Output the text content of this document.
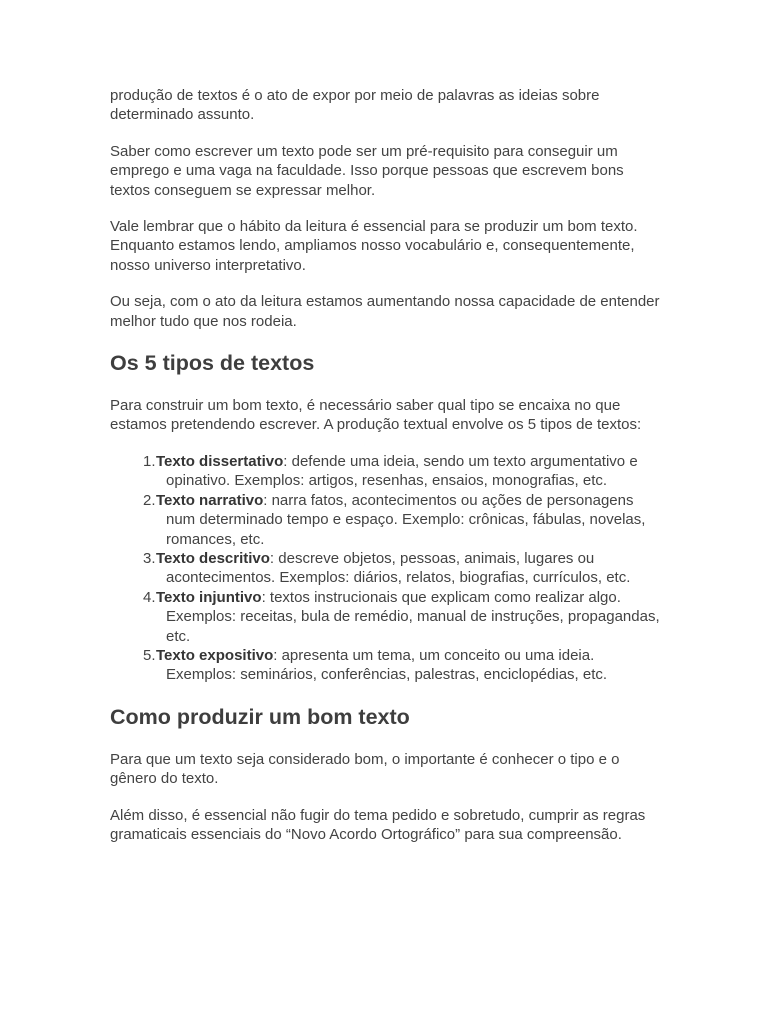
produção de textos é o ato de expor por meio de palavras as ideias sobre determinado assunto.

Saber como escrever um texto pode ser um pré-requisito para conseguir um emprego e uma vaga na faculdade. Isso porque pessoas que escrevem bons textos conseguem se expressar melhor.

Vale lembrar que o hábito da leitura é essencial para se produzir um bom texto. Enquanto estamos lendo, ampliamos nosso vocabulário e, consequentemente, nosso universo interpretativo.

Ou seja, com o ato da leitura estamos aumentando nossa capacidade de entender melhor tudo que nos rodeia.

Os 5 tipos de textos

Para construir um bom texto, é necessário saber qual tipo se encaixa no que estamos pretendendo escrever. A produção textual envolve os 5 tipos de textos:

1. Texto dissertativo: defende uma ideia, sendo um texto argumentativo e opinativo. Exemplos: artigos, resenhas, ensaios, monografias, etc.
2. Texto narrativo: narra fatos, acontecimentos ou ações de personagens num determinado tempo e espaço. Exemplo: crônicas, fábulas, novelas, romances, etc.
3. Texto descritivo: descreve objetos, pessoas, animais, lugares ou acontecimentos. Exemplos: diários, relatos, biografias, currículos, etc.
4. Texto injuntivo: textos instrucionais que explicam como realizar algo. Exemplos: receitas, bula de remédio, manual de instruções, propagandas, etc.
5. Texto expositivo: apresenta um tema, um conceito ou uma ideia. Exemplos: seminários, conferências, palestras, enciclopédias, etc.
Como produzir um bom texto

Para que um texto seja considerado bom, o importante é conhecer o tipo e o gênero do texto.

Além disso, é essencial não fugir do tema pedido e sobretudo, cumprir as regras gramaticais essenciais do “Novo Acordo Ortográfico” para sua compreensão.
